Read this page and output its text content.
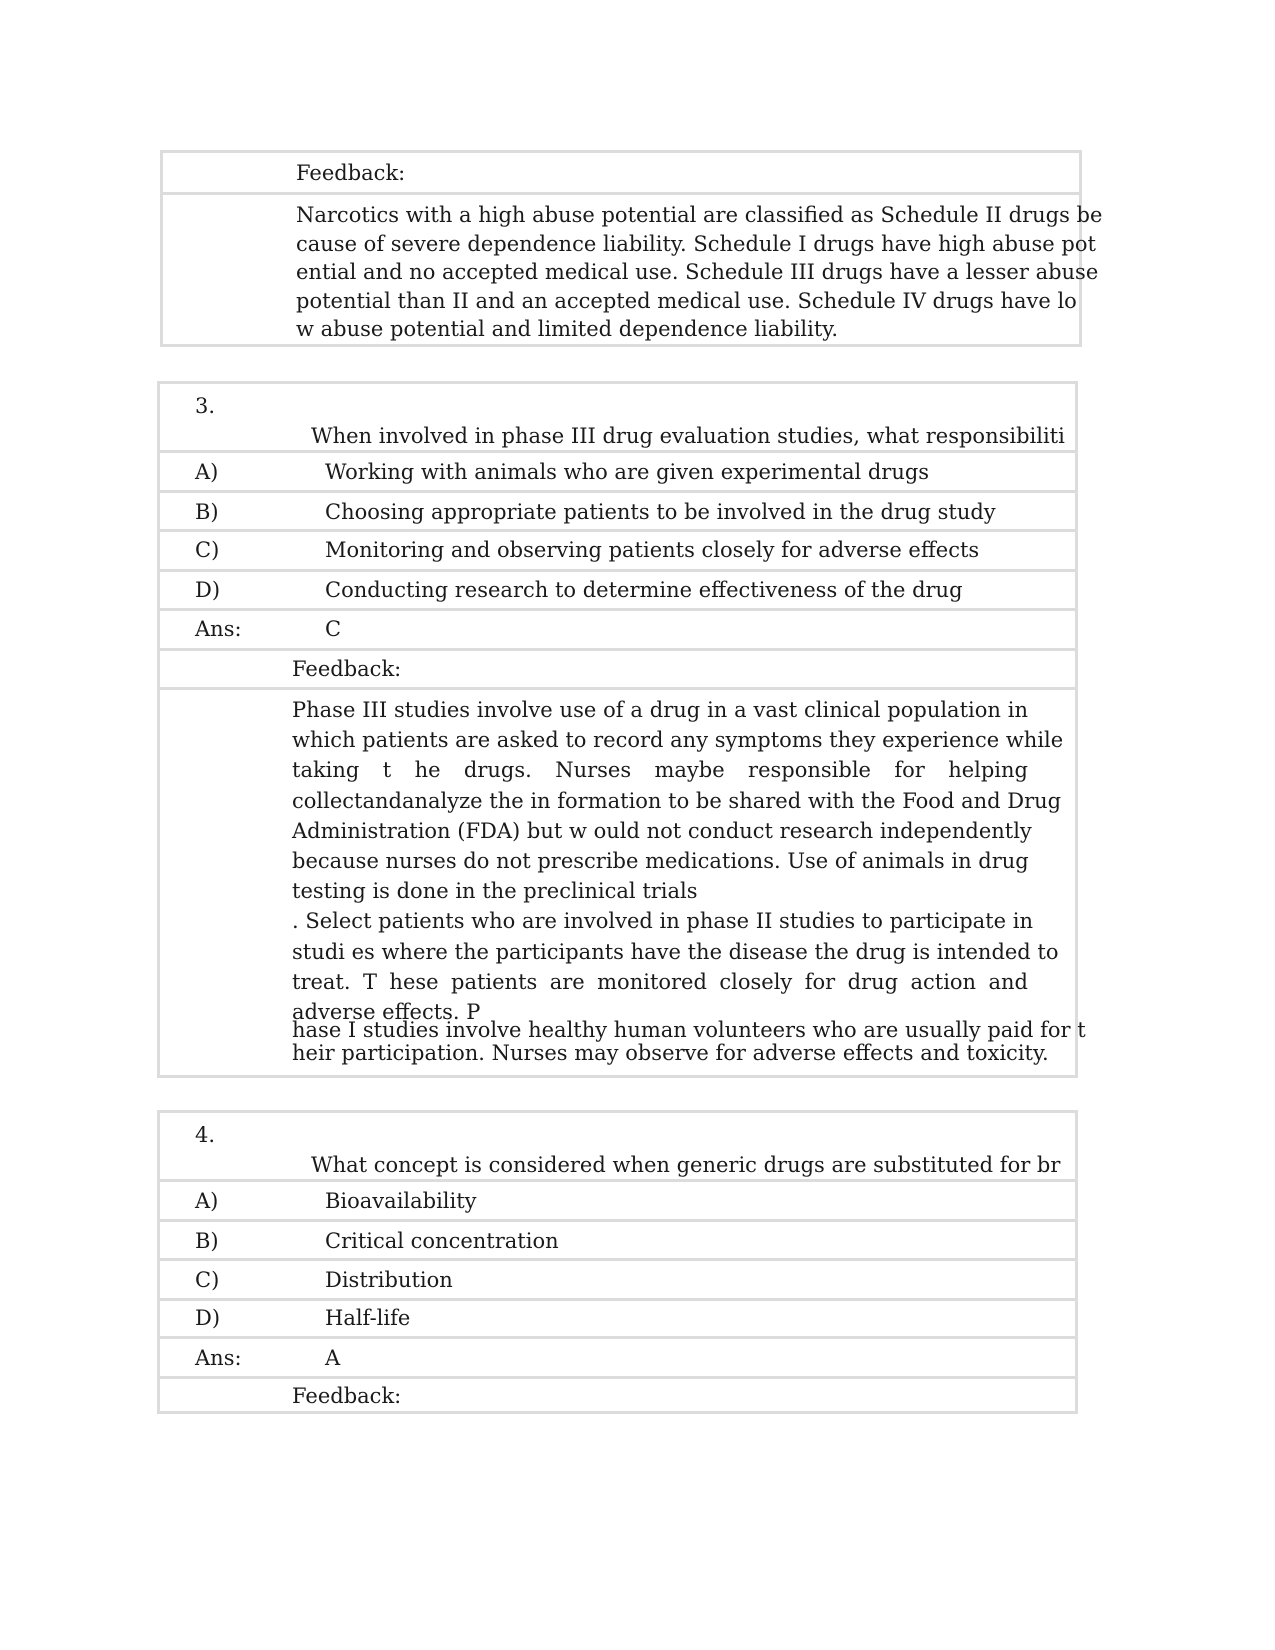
Feedback:
Narcotics with a high abuse potential are classified as Schedule II drugs be
cause of severe dependence liability. Schedule I drugs have high abuse pot
ential and no accepted medical use. Schedule III drugs have a lesser abuse
potential than II and an accepted medical use. Schedule IV drugs have lo
w abuse potential and limited dependence liability.
3.
When involved in phase III drug evaluation studies, what responsibiliti
A)	Working with animals who are given experimental drugs
B)	Choosing appropriate patients to be involved in the drug study
C)	Monitoring and observing patients closely for adverse effects
D)	Conducting research to determine effectiveness of the drug
Ans:	C
Feedback:
Phase III studies involve use of a drug in a vast clinical population in
which patients are asked to record any symptoms they experience while
taking t he drugs. Nurses maybe responsible for helping
collectandanalyze the in formation to be shared with the Food and Drug
Administration (FDA) but w ould not conduct research independently
because nurses do not prescribe medications. Use of animals in drug
testing is done in the preclinical trials
. Select patients who are involved in phase II studies to participate in
studi es where the participants have the disease the drug is intended to
treat. T hese patients are monitored closely for drug action and
adverse effects. P
hase I studies involve healthy human volunteers who are usually paid for t
heir participation. Nurses may observe for adverse effects and toxicity.
4.
What concept is considered when generic drugs are substituted for br
A)	Bioavailability
B)	Critical concentration
C)	Distribution
D)	Half-life
Ans:	A
Feedback:
